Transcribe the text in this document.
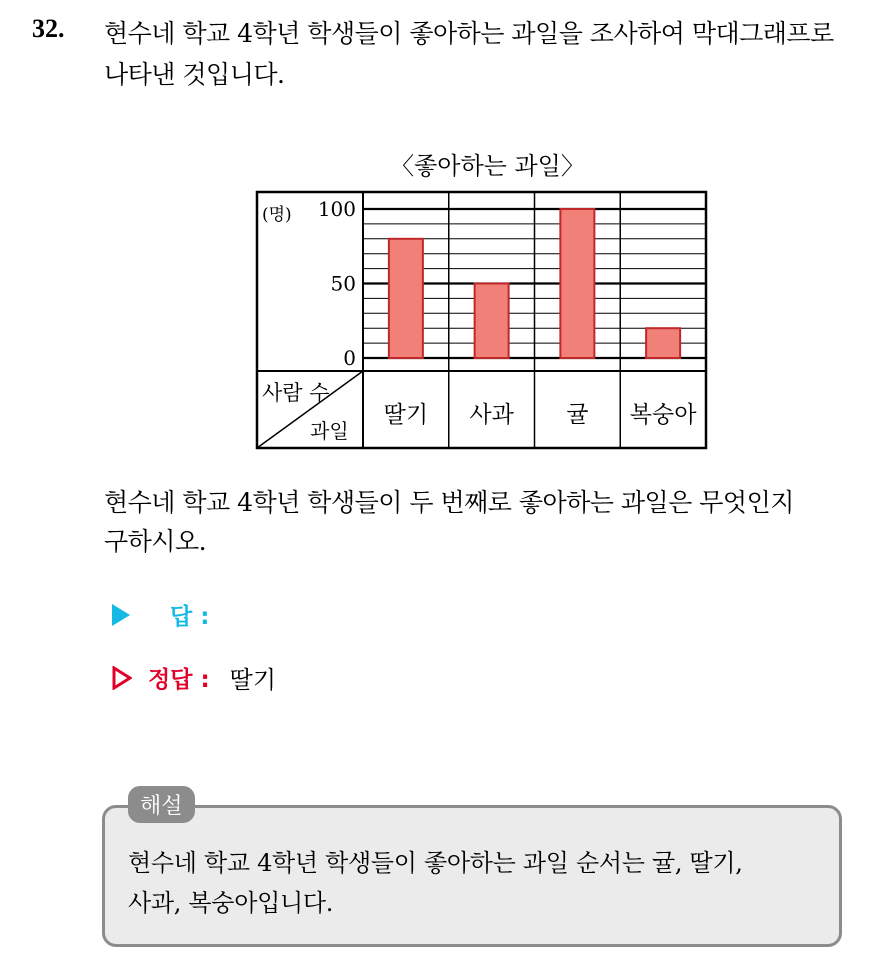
32. 현수네 학교 4학년 학생들이 좋아하는 과일을 조사하여 막대그래프로
나타낸 것입니다.
〈좋아하는 과일〉
사람 수
과일
(명) 100
50
0
딸기 사과 귤 복숭아
현수네 학교 4학년 학생들이 두 번째로 좋아하는 과일은 무엇인지
구하시오.
답 :
정답 : 딸기
해설
현수네 학교 4학년 학생들이 좋아하는 과일 순서는 귤, 딸기,
사과, 복숭아입니다.
